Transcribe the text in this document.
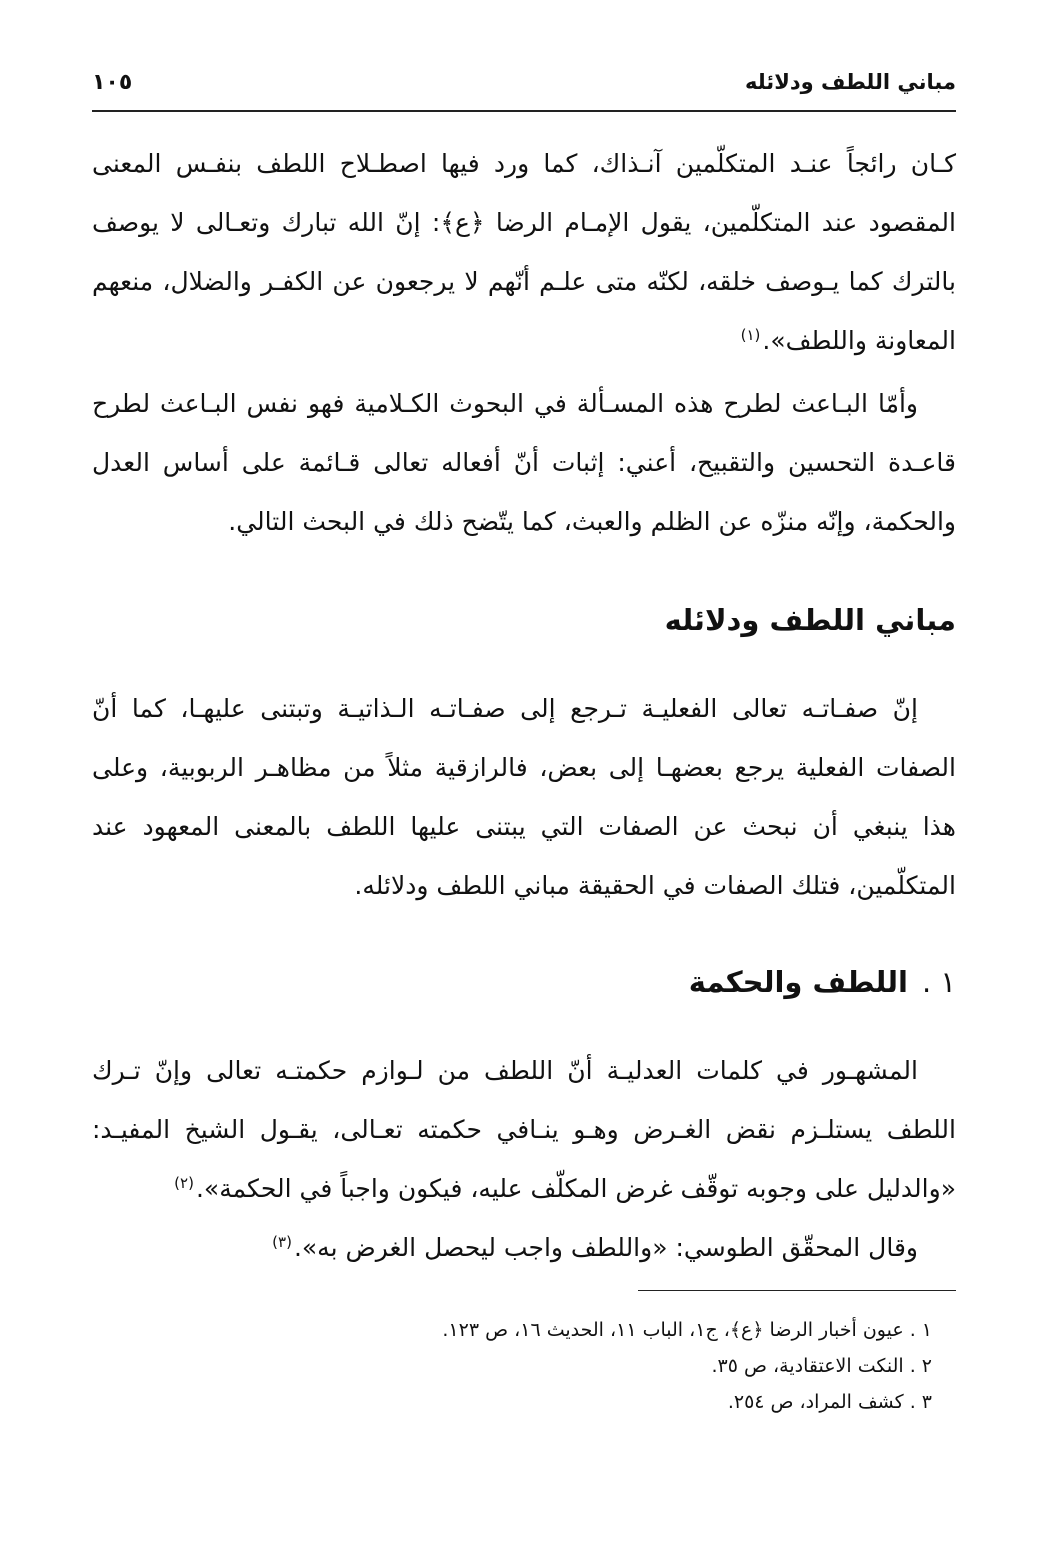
مباني اللطف ودلائله
١٠٥

كـان رائجاً عنـد المتكلّمين آنـذاك، كما ورد فيها اصطـلاح اللطف بنفـس المعنى المقصود عند المتكلّمين، يقول الإمـام الرضا ﴿ع﴾: إنّ الله تبارك وتعـالى لا يوصف بالترك كما يـوصف خلقه، لكنّه متى علـم أنّهم لا يرجعون عن الكفـر والضلال، منعهم المعاونة واللطف».$^{(١)}$

وأمّا البـاعث لطرح هذه المسـألة في البحوث الكـلامية فهو نفس البـاعث لطرح قاعـدة التحسين والتقبيح، أعني: إثبات أنّ أفعاله تعالى قـائمة على أساس العدل والحكمة، وإنّه منزّه عن الظلم والعبث، كما يتّضح ذلك في البحث التالي.

مباني اللطف ودلائله

إنّ صفـاتـه تعالى الفعليـة تـرجع إلى صفـاتـه الـذاتيـة وتبتنى عليهـا، كما أنّ الصفات الفعلية يرجع بعضهـا إلى بعض، فالرازقية مثلاً من مظاهـر الربوبية، وعلى هذا ينبغي أن نبحث عن الصفات التي يبتنى عليها اللطف بالمعنى المعهود عند المتكلّمين، فتلك الصفات في الحقيقة مباني اللطف ودلائله.

١ .اللطف والحكمة

المشهـور في كلمات العدليـة أنّ اللطف من لـوازم حكمتـه تعالى وإنّ تـرك اللطف يستلـزم نقض الغـرض وهـو ينـافي حكمته تعـالى، يقـول الشيخ المفيـد: «والدليل على وجوبه توقّف غرض المكلّف عليه، فيكون واجباً في الحكمة».$^{(٢)}$

وقال المحقّق الطوسي: «واللطف واجب ليحصل الغرض به».$^{(٣)}$

١ . عيون أخبار الرضا ﴿ع﴾، ج١، الباب ١١، الحديث ١٦، ص ١٢٣.

٢ . النكت الاعتقادية، ص ٣٥.

٣ . كشف المراد، ص ٢٥٤.
